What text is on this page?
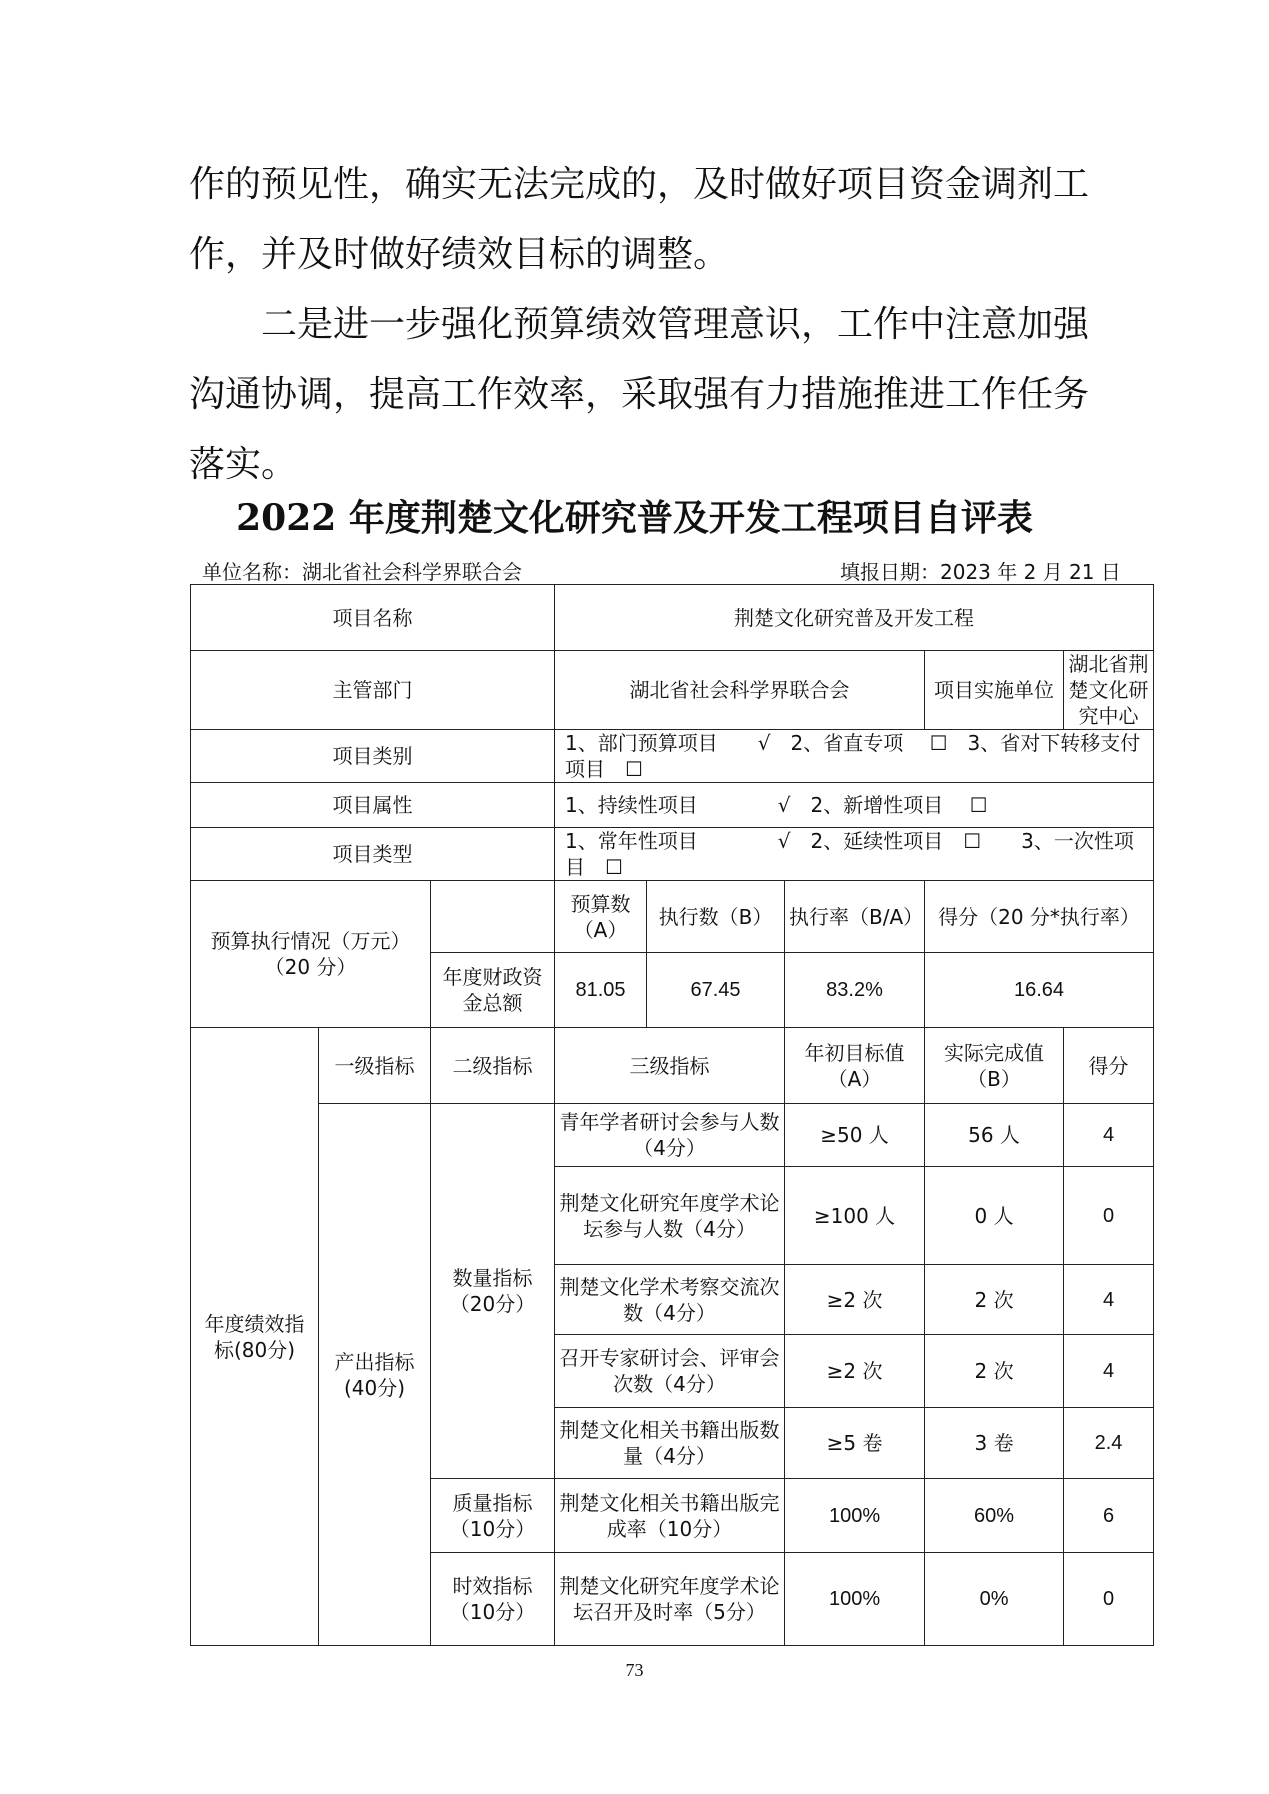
作的预见性，确实无法完成的，及时做好项目资金调剂工作，并及时做好绩效目标的调整。
二是进一步强化预算绩效管理意识，工作中注意加强沟通协调，提高工作效率，采取强有力措施推进工作任务落实。
2022 年度荆楚文化研究普及开发工程项目自评表
单位名称：湖北省社会科学界联合会	填报日期：2023 年 2 月 21 日
项目名称			荆楚文化研究普及开发工程				
主管部门			湖北省社会科学界联合会			项目实施单位	湖北省荆楚文化研究中心
项目类别			1、部门预算项目　　√　2、省直专项　 ☐　3、省对下转移支付项目　☐				
项目属性			1、持续性项目　　　　√　2、新增性项目　 ☐				
项目类型			1、常年性项目　　　　√　2、延续性项目　☐　　3、一次性项目　☐				
预算执行情况（万元）（20 分）			预算数（A）	执行数（B）	执行率（B/A）	得分（20 分*执行率）	
		年度财政资金总额	81.05	67.45	83.2%	16.64	
年度绩效指标(80分)	一级指标	二级指标	三级指标		年初目标值（A）	实际完成值（B）	得分
	产出指标(40分)	数量指标（20分）	青年学者研讨会参与人数（4分）		≥50 人	56 人	4
			荆楚文化研究年度学术论坛参与人数（4分）		≥100 人	0 人	0
			荆楚文化学术考察交流次数（4分）		≥2 次	2 次	4
			召开专家研讨会、评审会次数（4分）		≥2 次	2 次	4
			荆楚文化相关书籍出版数量（4分）		≥5 卷	3 卷	2.4
		质量指标（10分）	荆楚文化相关书籍出版完成率（10分）		100%	60%	6
		时效指标（10分）	荆楚文化研究年度学术论坛召开及时率（5分）		100%	0%	0
73
